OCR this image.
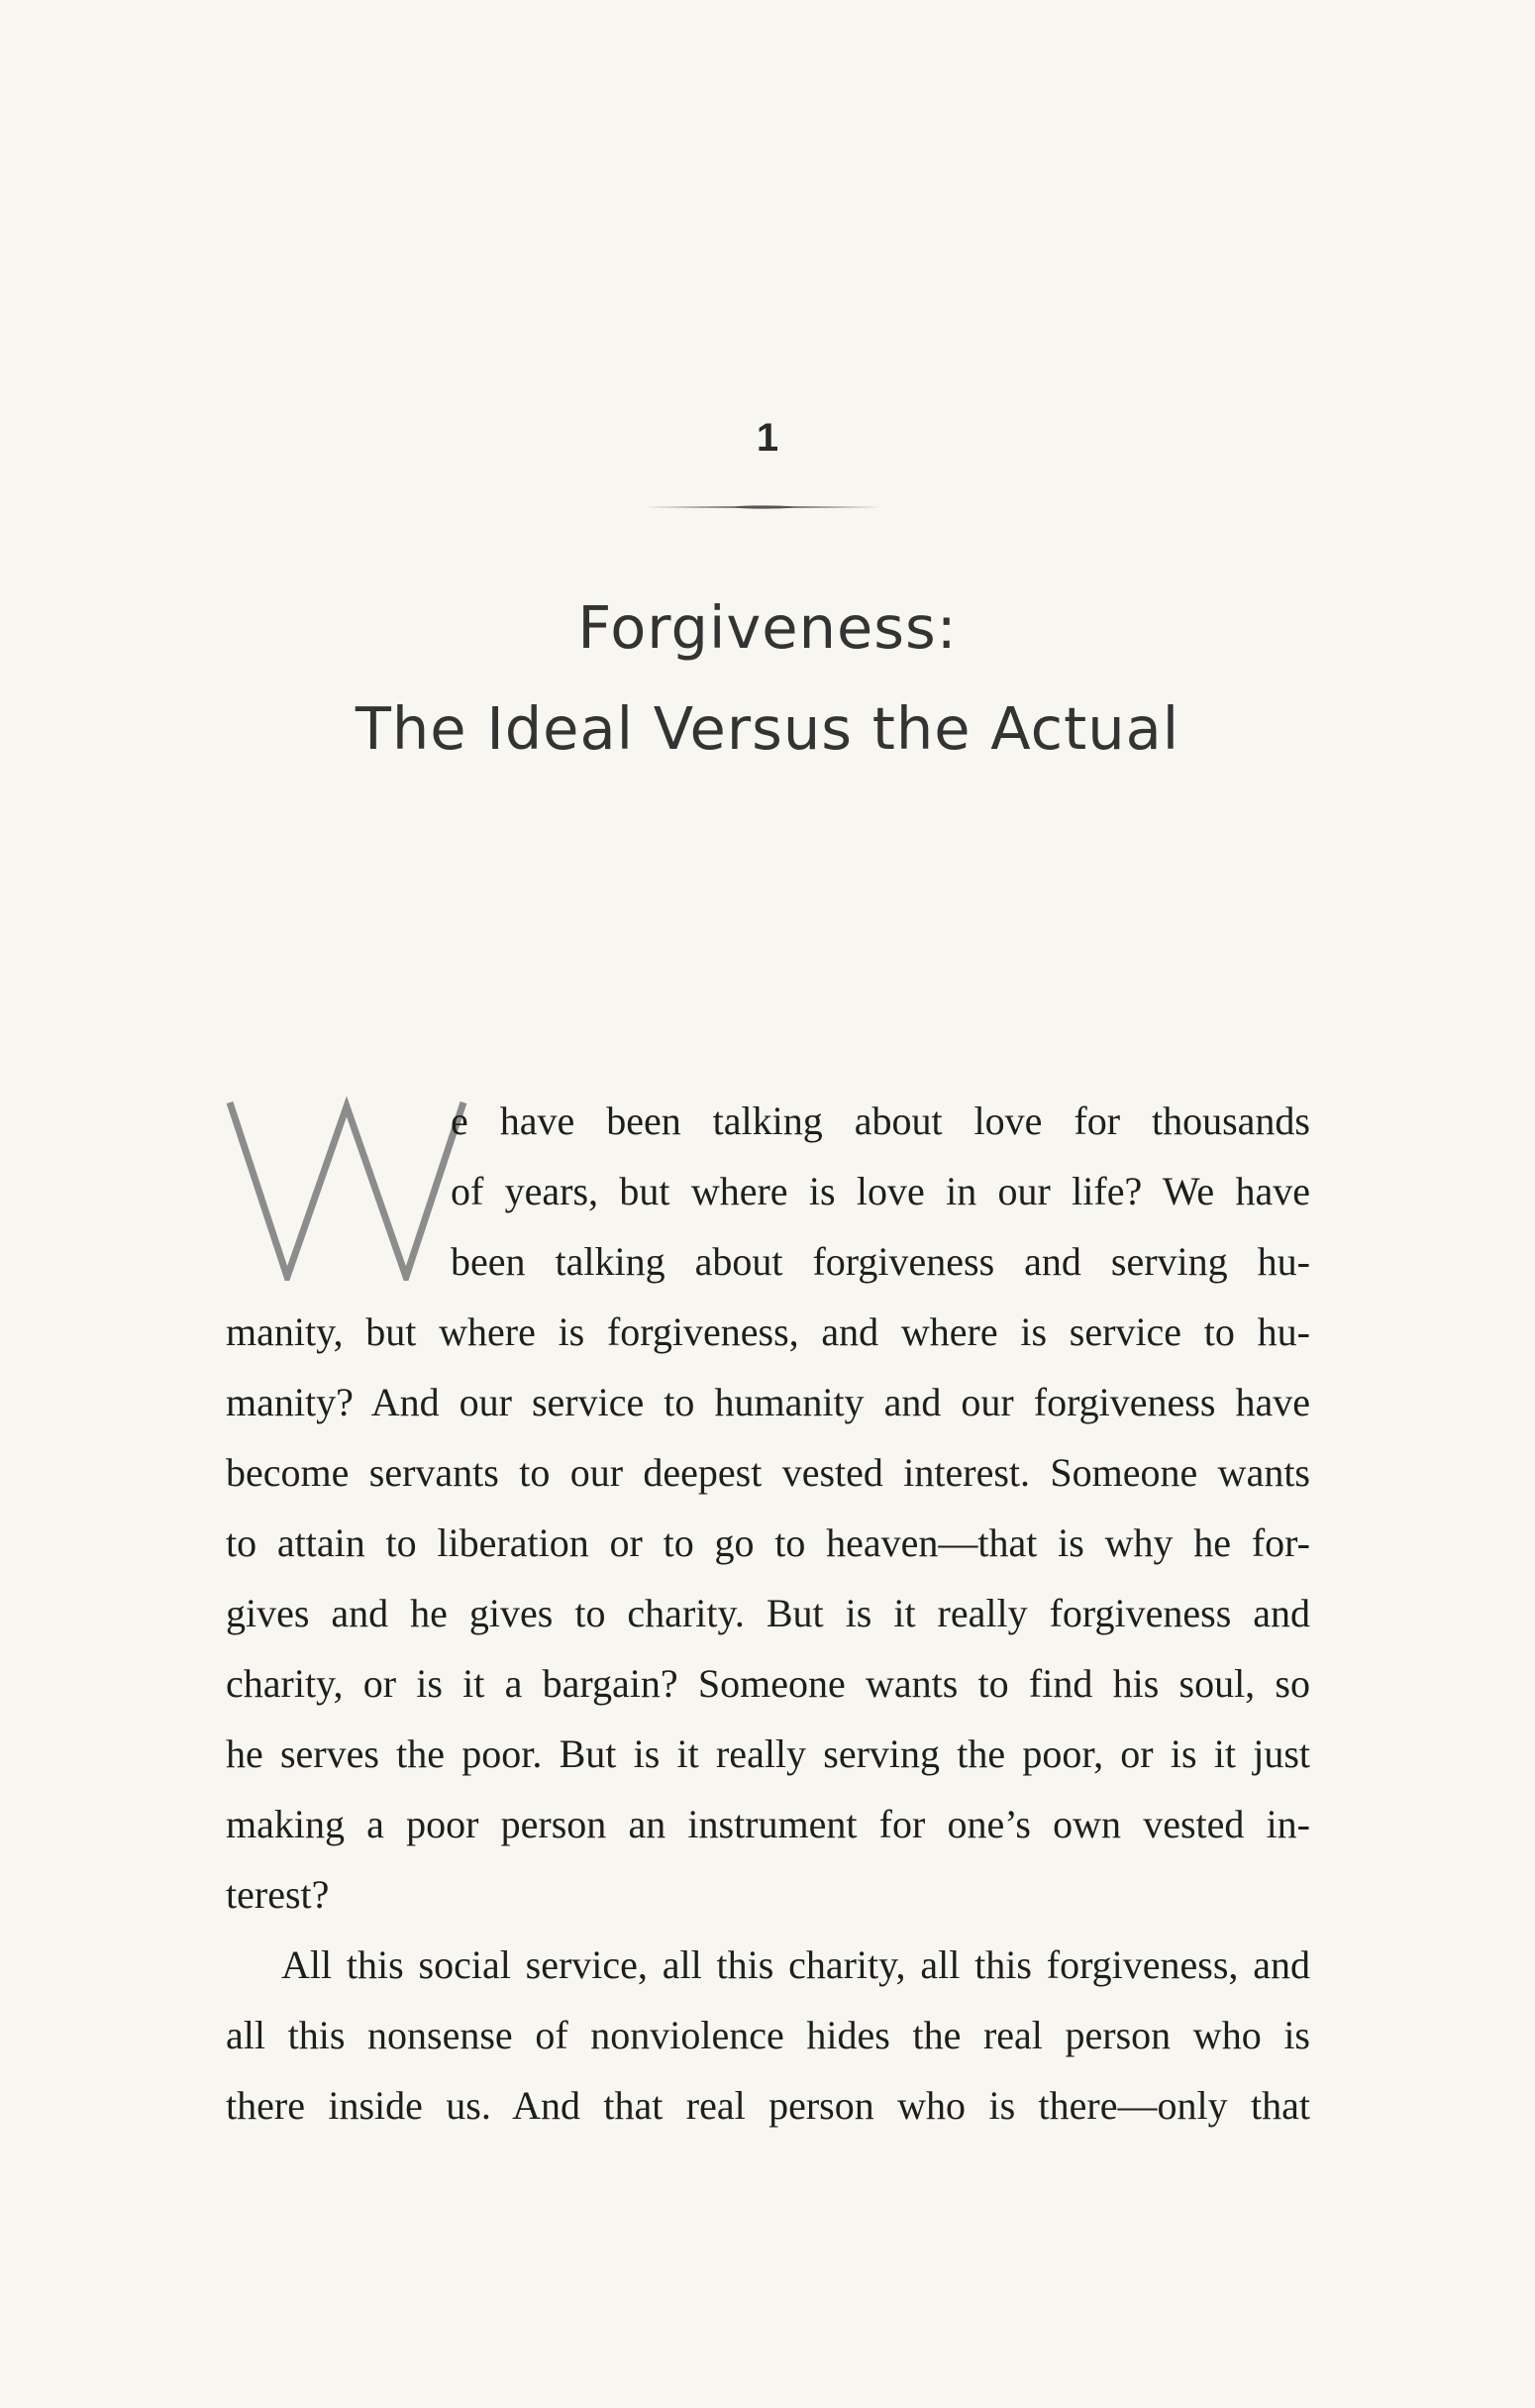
1
Forgiveness:
The Ideal Versus the Actual
e have been talking about love for thousands
of years, but where is love in our life? We have
been talking about forgiveness and serving hu-
manity, but where is forgiveness, and where is service to hu-
manity? And our service to humanity and our forgiveness have
become servants to our deepest vested interest. Someone wants
to attain to liberation or to go to heaven—that is why he for-
gives and he gives to charity. But is it really forgiveness and
charity, or is it a bargain? Someone wants to find his soul, so
he serves the poor. But is it really serving the poor, or is it just
making a poor person an instrument for one’s own vested in-
terest?
All this social service, all this charity, all this forgiveness, and
all this nonsense of nonviolence hides the real person who is
there inside us. And that real person who is there—only that
